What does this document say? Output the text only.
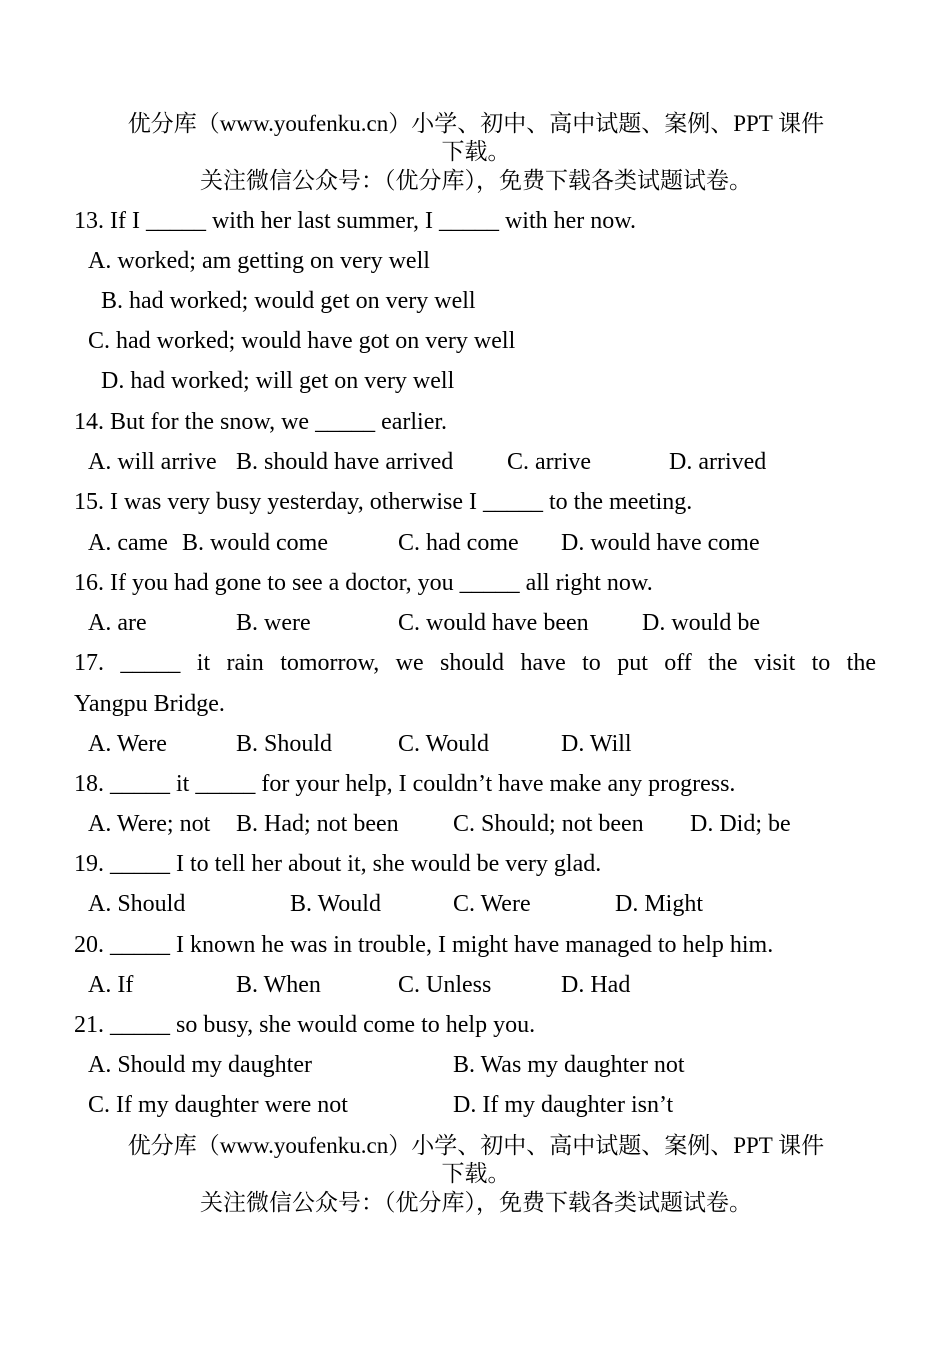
优分库（www.youfenku.cn）小学、初中、高中试题、案例、PPT 课件
下载。
关注微信公众号：（优分库），免费下载各类试题试卷。
13. If I _____ with her last summer, I _____ with her now.
A. worked; am getting on very well
B. had worked; would get on very well
C. had worked; would have got on very well
D. had worked; will get on very well
14. But for the snow, we _____ earlier.
A. will arrive B. should have arrived C. arrive	D. arrived
15. I was very busy yesterday, otherwise I _____ to the meeting.
A. came B. would come	C. had come D. would have come
16. If you had gone to see a doctor, you _____ all right now.
A. are	B. were	C. would have been D. would be
17. _____ it rain tomorrow, we should have to put off the visit to the
Yangpu Bridge.
A. Were	B. Should	C. Would	D. Will
18. _____ it _____ for your help, I couldn’t have make any progress.
A. Were; not B. Had; not been C. Should; not been D. Did; be
19. _____ I to tell her about it, she would be very glad.
A. Should	B. Would	C. Were	D. Might
20. _____ I known he was in trouble, I might have managed to help him.
A. If	B. When	C. Unless	D. Had
21. _____ so busy, she would come to help you.
A. Should my daughter	B. Was my daughter not
C. If my daughter were not	D. If my daughter isn’t
优分库（www.youfenku.cn）小学、初中、高中试题、案例、PPT 课件
下载。
关注微信公众号：（优分库），免费下载各类试题试卷。
